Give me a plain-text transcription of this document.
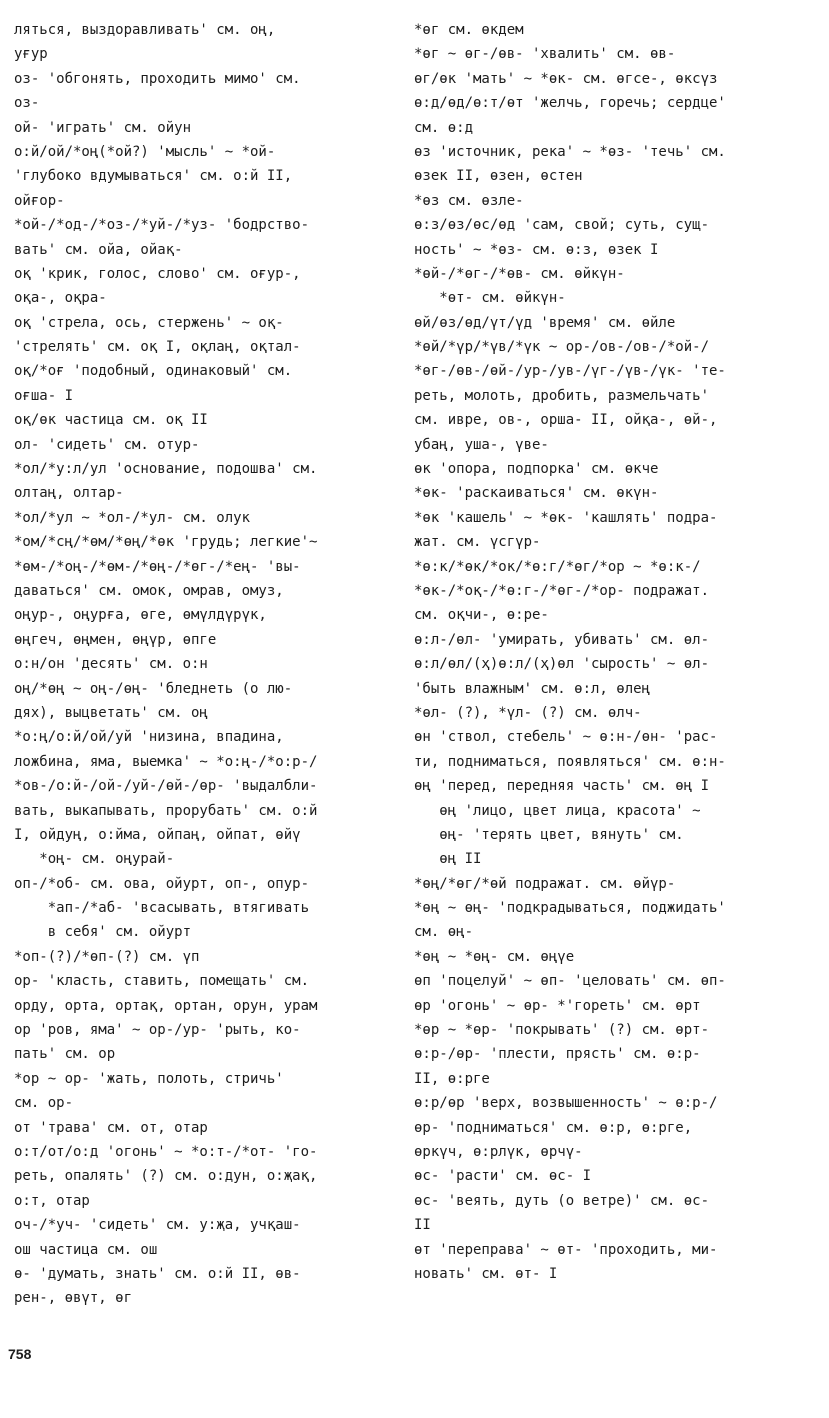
ляться, выздоравливать' см. оң,
уғур
оз- 'обгонять, проходить мимо' см.
оз-
ой- 'играть' см. ойун
о:й/ой/*оң(*ой?) 'мысль' ~ *ой-
'глубоко вдумываться' см. о:й II,
ойғор-
*ой-/*од-/*оз-/*уй-/*уз- 'бодрство-
вать' см. ойа, ойақ-
оқ 'крик, голос, слово' см. оғур-,
оқа-, оқра-
оқ 'стрела, ось, стержень' ~ оқ-
'стрелять' см. оқ I, оқлаң, оқтал-
оқ/*оғ 'подобный, одинаковый' см.
оғша- I
оқ/өк частица см. оқ II
ол- 'сидеть' см. отур-
*ол/*у:л/ул 'основание, подошва' см.
олтаң, олтар-
*ол/*ул ~ *ол-/*ул- см. олук
*ом/*сң/*өм/*өң/*өк 'грудь; легкие'~
*өм-/*оң-/*өм-/*өң-/*өг-/*ең- 'вы-
даваться' см. омок, омрав, омуз,
оңур-, оңурға, өге, өмүлдүрүк,
өңгеч, өңмен, өңүр, өпге
о:н/он 'десять' см. о:н
оң/*өң ~ оң-/өң- 'бледнеть (о лю-
дях), выцветать' см. оң
*о:ң/о:й/ой/уй 'низина, впадина,
ложбина, яма, выемка' ~ *о:ң-/*о:р-/
*ов-/о:й-/ой-/уй-/өй-/өр- 'выдалбли-
вать, выкапывать, прорубать' см. о:й
I, ойдуң, о:йма, ойпаң, ойпат, өйү
*оң- см. оңурай-
оп-/*об- см. ова, ойурт, оп-, опур-
*ап-/*аб- 'всасывать, втягивать
в себя' см. ойурт
*оп-(?)/*өп-(?) см. үп
ор- 'класть, ставить, помещать' см.
орду, орта, ортақ, ортан, орун, урам
ор 'ров, яма' ~ ор-/ур- 'рыть, ко-
пать' см. ор
*ор ~ ор- 'жать, полоть, стричь'
см. ор-
от 'трава' см. от, отар
о:т/от/о:д 'огонь' ~ *о:т-/*от- 'го-
реть, опалять' (?) см. о:дун, о:җақ,
о:т, отар
оч-/*уч- 'сидеть' см. у:җа, учқаш-
ош частица см. ош
ө- 'думать, знать' см. о:й II, өв-
рен-, өвүт, өг
*өг см. өкдем
*өг ~ өг-/өв- 'хвалить' см. өв-
өг/өк 'мать' ~ *өк- см. өгсе-, өксүз
ө:д/өд/ө:т/өт 'желчь, горечь; сердце'
см. ө:д
өз 'источник, река' ~ *өз- 'течь' см.
өзек II, өзен, өстен
*өз см. өзле-
ө:з/өз/өс/өд 'сам, свой; суть, сущ-
ность' ~ *өз- см. ө:з, өзек I
*өй-/*өг-/*өв- см. өйкүн-
*өт- см. өйкүн-
өй/өз/өд/үт/үд 'время' см. өйле
*өй/*үр/*үв/*үк ~ ор-/ов-/ов-/*ой-/
*өг-/өв-/өй-/ур-/ув-/үг-/үв-/үк- 'те-
реть, молоть, дробить, размельчать'
см. ивре, ов-, орша- II, ойқа-, өй-,
убаң, уша-, үве-
өк 'опора, подпорка' см. өкче
*өк- 'раскаиваться' см. өкүн-
*өк 'кашель' ~ *өк- 'кашлять' подра-
жат. см. үсгүр-
*ө:к/*өк/*ок/*ө:г/*өг/*ор ~ *ө:к-/
*өк-/*оқ-/*ө:г-/*өг-/*ор- подражат.
см. оқчи-, ө:ре-
ө:л-/өл- 'умирать, убивать' см. өл-
ө:л/өл/(ҳ)ө:л/(ҳ)өл 'сырость' ~ өл-
'быть влажным' см. ө:л, өлең
*өл- (?), *үл- (?) см. өлч-
өн 'ствол, стебель' ~ ө:н-/өн- 'рас-
ти, подниматься, появляться' см. ө:н-
өң 'перед, передняя часть' см. өң I
өң 'лицо, цвет лица, красота' ~
өң- 'терять цвет, вянуть' см.
өң II
*өң/*өг/*өй подражат. см. өйүр-
*өң ~ өң- 'подкрадываться, поджидать'
см. өң-
*өң ~ *өң- см. өңүе
өп 'поцелуй' ~ өп- 'целовать' см. өп-
өр 'огонь' ~ өр- *'гореть' см. өрт
*өр ~ *өр- 'покрывать' (?) см. өрт-
ө:р-/өр- 'плести, прясть' см. ө:р-
II, ө:рге
ө:р/өр 'верх, возвышенность' ~ ө:р-/
өр- 'подниматься' см. ө:р, ө:рге,
өркүч, ө:рлүк, өрчү-
өс- 'расти' см. өс- I
өс- 'веять, дуть (о ветре)' см. өс-
II
өт 'переправа' ~ өт- 'проходить, ми-
новать' см. өт- I
758
